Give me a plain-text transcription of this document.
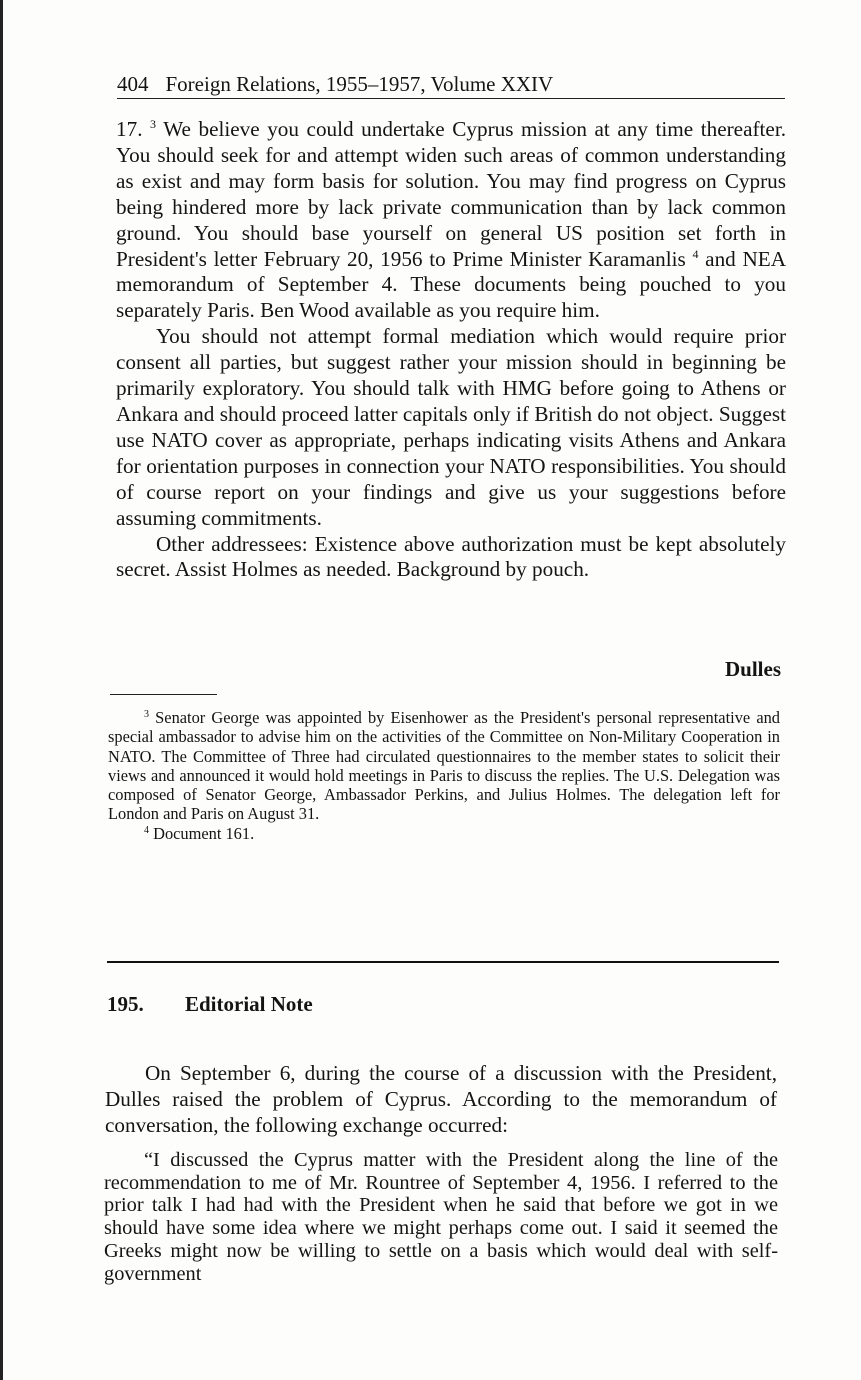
404 Foreign Relations, 1955–1957, Volume XXIV

17. $^3$ We believe you could undertake Cyprus mission at any time thereafter. You should seek for and attempt widen such areas of common understanding as exist and may form basis for solution. You may find progress on Cyprus being hindered more by lack private communication than by lack common ground. You should base yourself on general US position set forth in President's letter February 20, 1956 to Prime Minister Karamanlis $^4$ and NEA memorandum of September 4. These documents being pouched to you separately Paris. Ben Wood available as you require him.

You should not attempt formal mediation which would require prior consent all parties, but suggest rather your mission should in beginning be primarily exploratory. You should talk with HMG before going to Athens or Ankara and should proceed latter capitals only if British do not object. Suggest use NATO cover as appropriate, perhaps indicating visits Athens and Ankara for orientation purposes in connection your NATO responsibilities. You should of course report on your findings and give us your suggestions before assuming commitments.

Other addressees: Existence above authorization must be kept absolutely secret. Assist Holmes as needed. Background by pouch.

Dulles

$^3$ Senator George was appointed by Eisenhower as the President's personal representative and special ambassador to advise him on the activities of the Committee on Non-Military Cooperation in NATO. The Committee of Three had circulated questionnaires to the member states to solicit their views and announced it would hold meetings in Paris to discuss the replies. The U.S. Delegation was composed of Senator George, Ambassador Perkins, and Julius Holmes. The delegation left for London and Paris on August 31.

$^4$ Document 161.

195. Editorial Note

On September 6, during the course of a discussion with the President, Dulles raised the problem of Cyprus. According to the memorandum of conversation, the following exchange occurred:

“I discussed the Cyprus matter with the President along the line of the recommendation to me of Mr. Rountree of September 4, 1956. I referred to the prior talk I had had with the President when he said that before we got in we should have some idea where we might perhaps come out. I said it seemed the Greeks might now be willing to settle on a basis which would deal with self-government
